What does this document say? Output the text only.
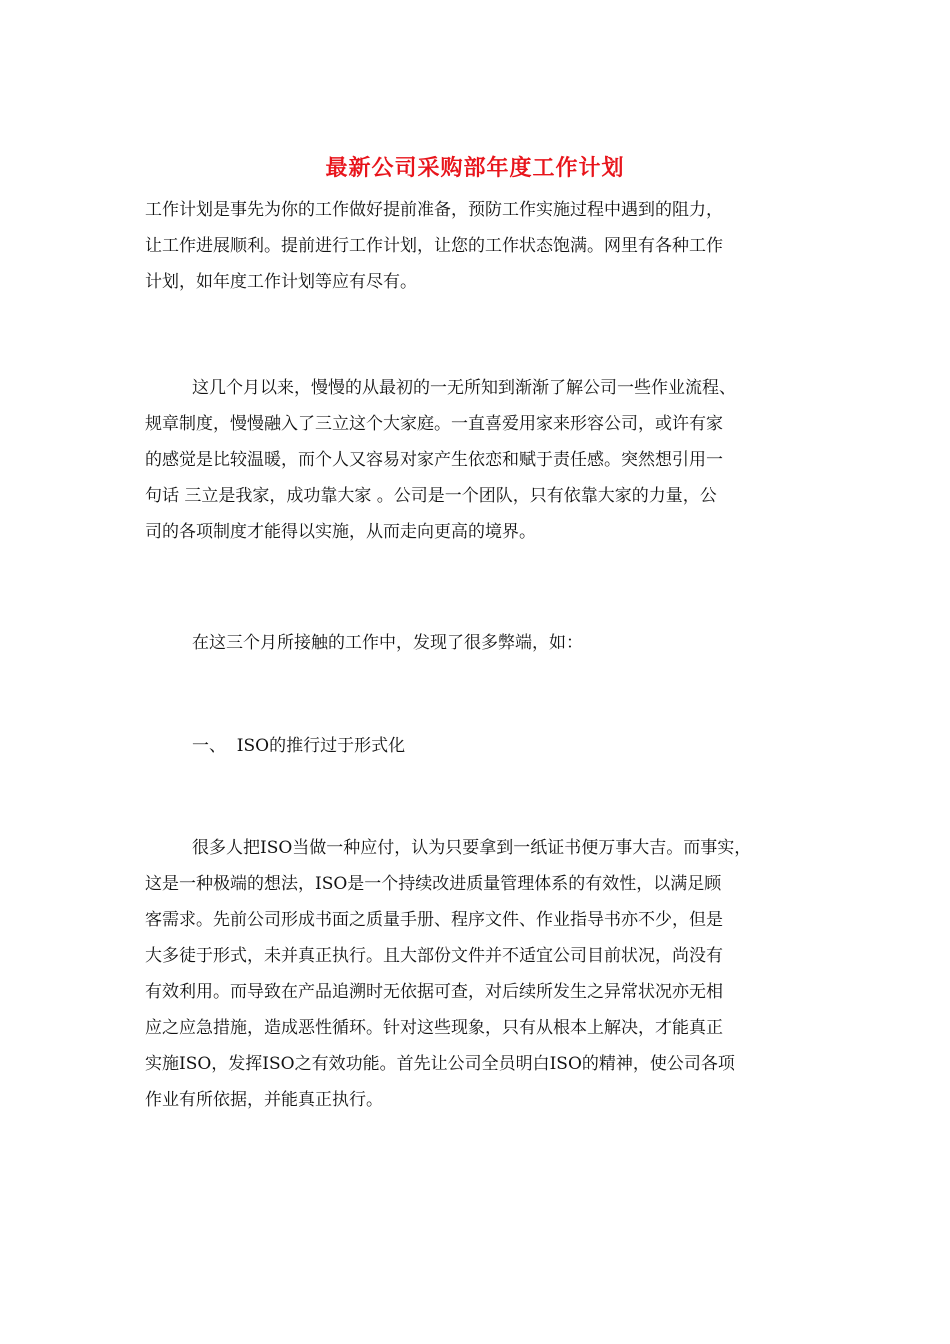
最新公司采购部年度工作计划
工作计划是事先为你的工作做好提前准备，预防工作实施过程中遇到的阻力，
让工作进展顺利。提前进行工作计划，让您的工作状态饱满。网里有各种工作
计划，如年度工作计划等应有尽有。
这几个月以来，慢慢的从最初的一无所知到渐渐了解公司一些作业流程、
规章制度，慢慢融入了三立这个大家庭。一直喜爱用家来形容公司，或许有家
的感觉是比较温暖，而个人又容易对家产生依恋和赋于责任感。突然想引用一
句话 三立是我家，成功靠大家 。公司是一个团队，只有依靠大家的力量，公
司的各项制度才能得以实施，从而走向更高的境界。
在这三个月所接触的工作中，发现了很多弊端，如：
一、  ISO的推行过于形式化
很多人把ISO当做一种应付，认为只要拿到一纸证书便万事大吉。而事实，
这是一种极端的想法，ISO是一个持续改进质量管理体系的有效性，以满足顾
客需求。先前公司形成书面之质量手册、程序文件、作业指导书亦不少，但是
大多徒于形式，未并真正执行。且大部份文件并不适宜公司目前状况，尚没有
有效利用。而导致在产品追溯时无依据可查，对后续所发生之异常状况亦无相
应之应急措施，造成恶性循环。针对这些现象，只有从根本上解决，才能真正
实施ISO，发挥ISO之有效功能。首先让公司全员明白ISO的精神，使公司各项
作业有所依据，并能真正执行。
